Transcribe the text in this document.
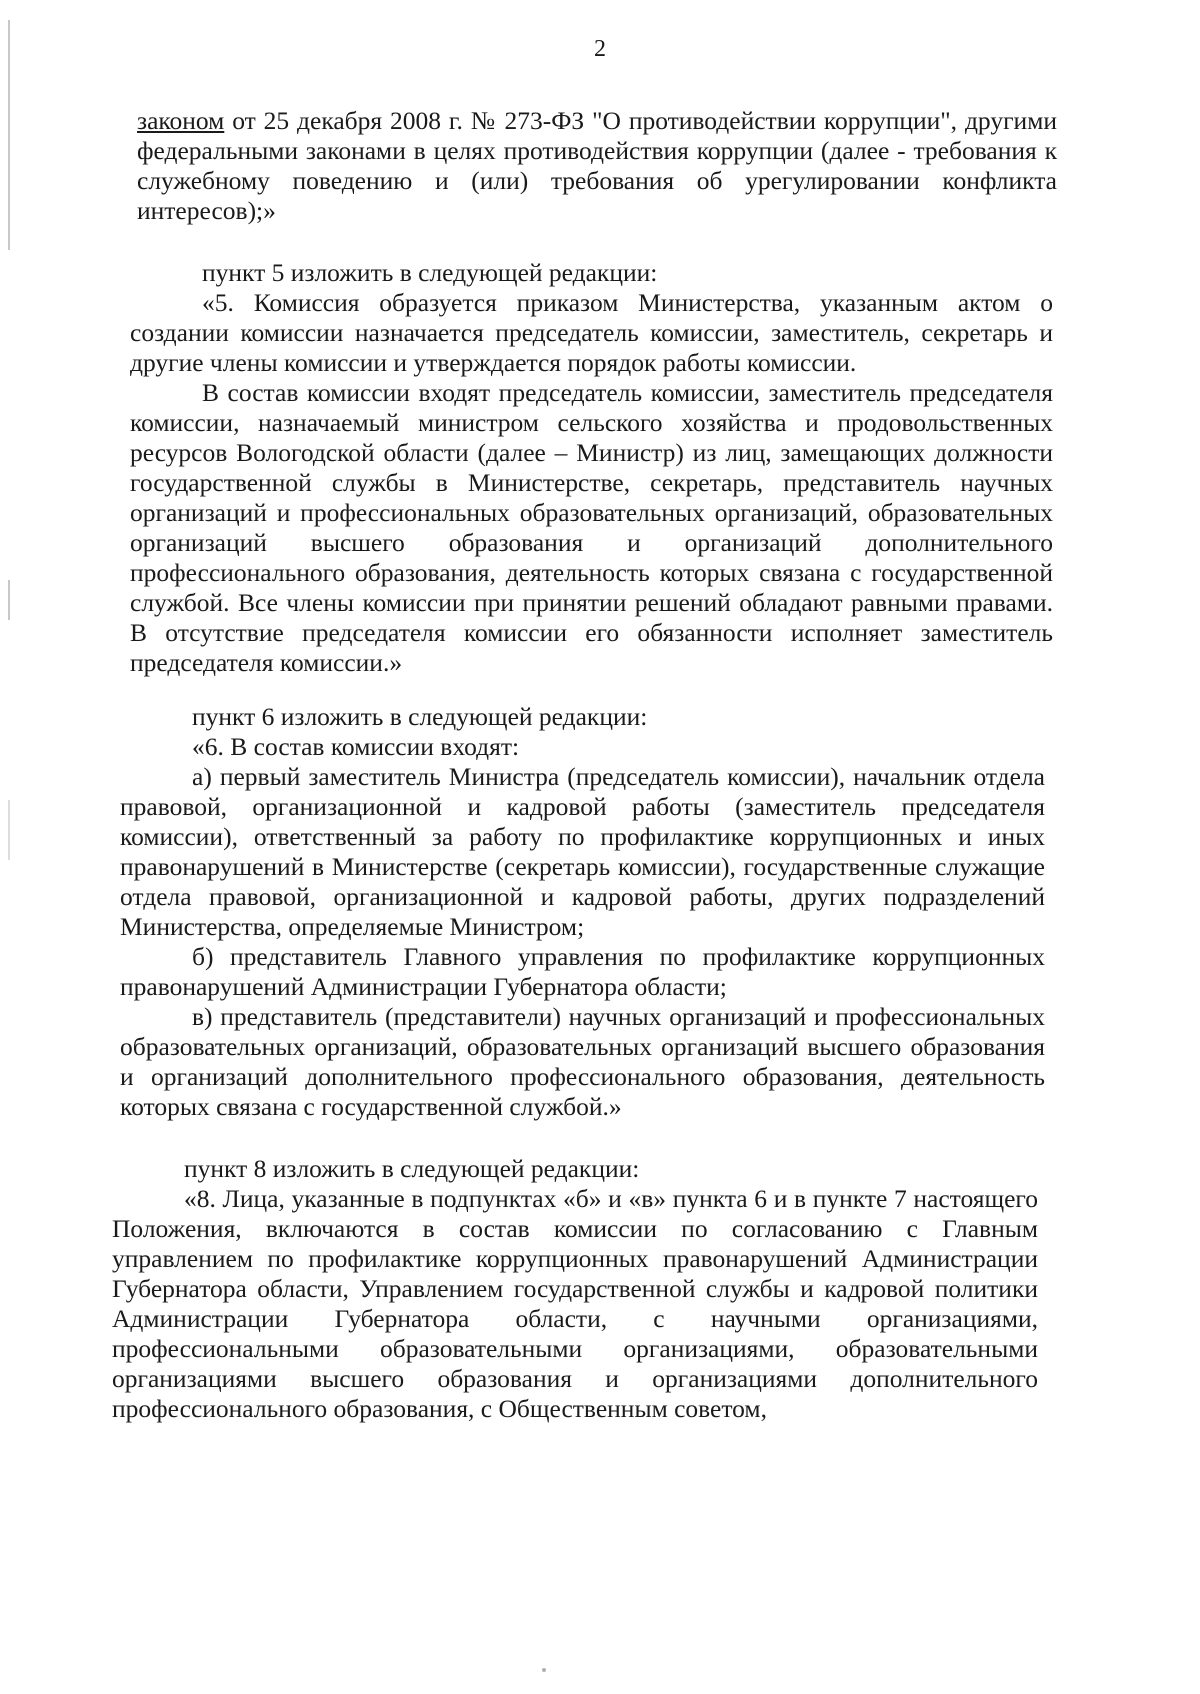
2

законом от 25 декабря 2008 г. № 273-ФЗ "О противодействии коррупции", другими федеральными законами в целях противодействия коррупции (далее - требования к служебному поведению и (или) требования об урегулировании конфликта интересов);»

пункт 5 изложить в следующей редакции:

«5. Комиссия образуется приказом Министерства, указанным актом о создании комиссии назначается председатель комиссии, заместитель, секретарь и другие члены комиссии и утверждается порядок работы комиссии.

В состав комиссии входят председатель комиссии, заместитель председателя комиссии, назначаемый министром сельского хозяйства и продовольственных ресурсов Вологодской области (далее – Министр) из лиц, замещающих должности государственной службы в Министерстве, секретарь, представитель научных организаций и профессиональных образовательных организаций, образовательных организаций высшего образования и организаций дополнительного профессионального образования, деятельность которых связана с государственной службой. Все члены комиссии при принятии решений обладают равными правами. В отсутствие председателя комиссии его обязанности исполняет заместитель председателя комиссии.»

пункт 6 изложить в следующей редакции:

«6. В состав комиссии входят:

а) первый заместитель Министра (председатель комиссии), начальник отдела правовой, организационной и кадровой работы (заместитель председателя комиссии), ответственный за работу по профилактике коррупционных и иных правонарушений в Министерстве (секретарь комиссии), государственные служащие отдела правовой, организационной и кадровой работы, других подразделений Министерства, определяемые Министром;

б) представитель Главного управления по профилактике коррупционных правонарушений Администрации Губернатора области;

в) представитель (представители) научных организаций и профессиональных образовательных организаций, образовательных организаций высшего образования и организаций дополнительного профессионального образования, деятельность которых связана с государственной службой.»

пункт 8 изложить в следующей редакции:

«8. Лица, указанные в подпунктах «б» и «в» пункта 6 и в пункте 7 настоящего Положения, включаются в состав комиссии по согласованию с Главным управлением по профилактике коррупционных правонарушений Администрации Губернатора области, Управлением государственной службы и кадровой политики Администрации Губернатора области, с научными организациями, профессиональными образовательными организациями, образовательными организациями высшего образования и организациями дополнительного профессионального образования, с Общественным советом,
